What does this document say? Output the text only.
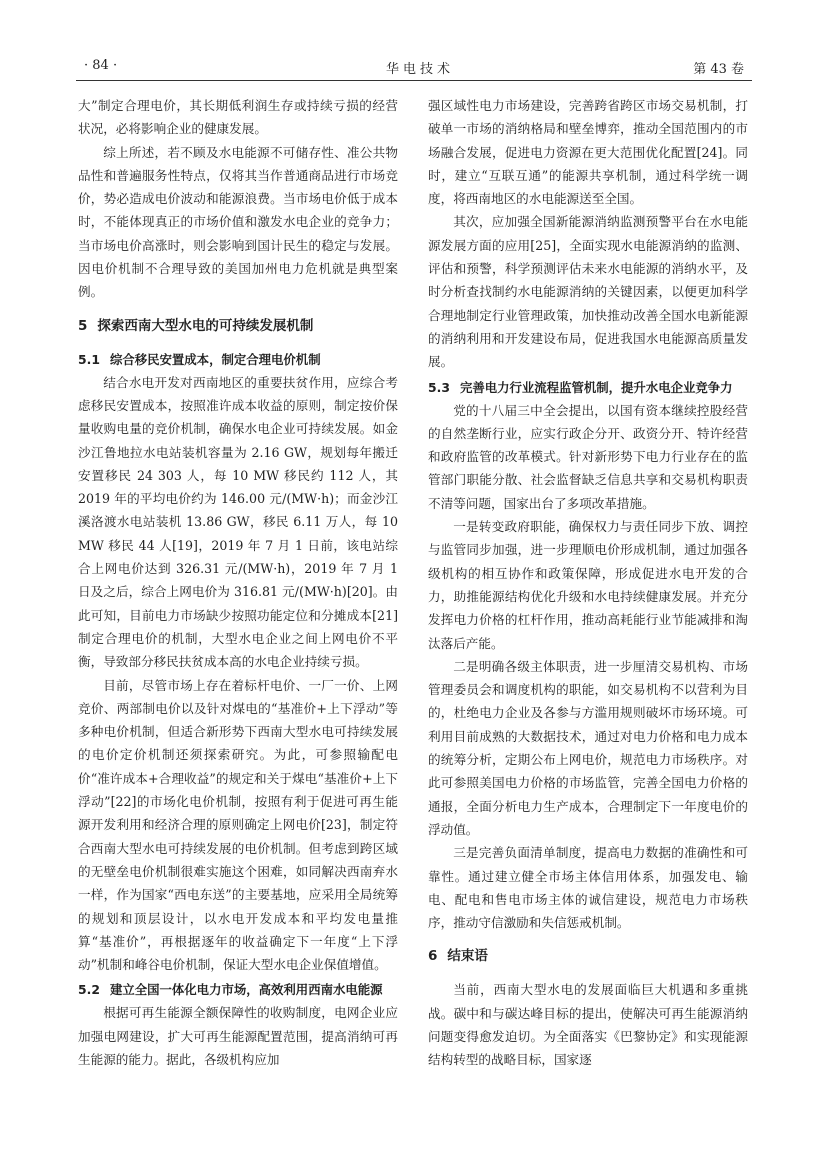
· 84 ·	华电技术	第 43 卷

大”制定合理电价，其长期低利润生存或持续亏损的经营状况，必将影响企业的健康发展。

综上所述，若不顾及水电能源不可储存性、准公共物品性和普遍服务性特点，仅将其当作普通商品进行市场竞价，势必造成电价波动和能源浪费。当市场电价低于成本时，不能体现真正的市场价值和激发水电企业的竞争力；当市场电价高涨时，则会影响到国计民生的稳定与发展。因电价机制不合理导致的美国加州电力危机就是典型案例。

5 探索西南大型水电的可持续发展机制
5.1 综合移民安置成本，制定合理电价机制

结合水电开发对西南地区的重要扶贫作用，应综合考虑移民安置成本，按照准许成本收益的原则，制定按价保量收购电量的竞价机制，确保水电企业可持续发展。如金沙江鲁地拉水电站装机容量为 2.16 GW，规划每年搬迁安置移民 24 303 人，每 10 MW 移民约 112 人，其 2019 年的平均电价约为 146.00 元/(MW·h)；而金沙江溪洛渡水电站装机 13.86 GW，移民 6.11 万人，每 10 MW 移民 44 人[19]，2019 年 7 月 1 日前，该电站综合上网电价达到 326.31 元/(MW·h)，2019 年 7 月 1 日及之后，综合上网电价为 316.81 元/(MW·h)[20]。由此可知，目前电力市场缺少按照功能定位和分摊成本[21]制定合理电价的机制，大型水电企业之间上网电价不平衡，导致部分移民扶贫成本高的水电企业持续亏损。

目前，尽管市场上存在着标杆电价、一厂一价、上网竞价、两部制电价以及针对煤电的“基准价+上下浮动”等多种电价机制，但适合新形势下西南大型水电可持续发展的电价定价机制还须探索研究。为此，可参照输配电价“准许成本+合理收益”的规定和关于煤电“基准价+上下浮动”[22]的市场化电价机制，按照有利于促进可再生能源开发利用和经济合理的原则确定上网电价[23]，制定符合西南大型水电可持续发展的电价机制。但考虑到跨区域的无壁垒电价机制很难实施这个困难，如同解决西南弃水一样，作为国家“西电东送”的主要基地，应采用全局统筹的规划和顶层设计，以水电开发成本和平均发电量推算“基准价”，再根据逐年的收益确定下一年度“上下浮动”机制和峰谷电价机制，保证大型水电企业保值增值。

5.2 建立全国一体化电力市场，高效利用西南水电能源

根据可再生能源全额保障性的收购制度，电网企业应加强电网建设，扩大可再生能源配置范围，提高消纳可再生能源的能力。据此，各级机构应加

强区域性电力市场建设，完善跨省跨区市场交易机制，打破单一市场的消纳格局和壁垒博弈，推动全国范围内的市场融合发展，促进电力资源在更大范围优化配置[24]。同时，建立“互联互通”的能源共享机制，通过科学统一调度，将西南地区的水电能源送至全国。

其次，应加强全国新能源消纳监测预警平台在水电能源发展方面的应用[25]，全面实现水电能源消纳的监测、评估和预警，科学预测评估未来水电能源的消纳水平，及时分析查找制约水电能源消纳的关键因素，以便更加科学合理地制定行业管理政策，加快推动改善全国水电新能源的消纳利用和开发建设布局，促进我国水电能源高质量发展。

5.3 完善电力行业流程监管机制，提升水电企业竞争力

党的十八届三中全会提出，以国有资本继续控股经营的自然垄断行业，应实行政企分开、政资分开、特许经营和政府监管的改革模式。针对新形势下电力行业存在的监管部门职能分散、社会监督缺乏信息共享和交易机构职责不清等问题，国家出台了多项改革措施。

一是转变政府职能，确保权力与责任同步下放、调控与监管同步加强，进一步理顺电价形成机制，通过加强各级机构的相互协作和政策保障，形成促进水电开发的合力，助推能源结构优化升级和水电持续健康发展。并充分发挥电力价格的杠杆作用，推动高耗能行业节能减排和淘汰落后产能。

二是明确各级主体职责，进一步厘清交易机构、市场管理委员会和调度机构的职能，如交易机构不以营利为目的，杜绝电力企业及各参与方滥用规则破坏市场环境。可利用目前成熟的大数据技术，通过对电力价格和电力成本的统筹分析，定期公布上网电价，规范电力市场秩序。对此可参照美国电力价格的市场监管，完善全国电力价格的通报，全面分析电力生产成本，合理制定下一年度电价的浮动值。

三是完善负面清单制度，提高电力数据的准确性和可靠性。通过建立健全市场主体信用体系，加强发电、输电、配电和售电市场主体的诚信建设，规范电力市场秩序，推动守信激励和失信惩戒机制。

6 结束语

当前，西南大型水电的发展面临巨大机遇和多重挑战。碳中和与碳达峰目标的提出，使解决可再生能源消纳问题变得愈发迫切。为全面落实《巴黎协定》和实现能源结构转型的战略目标，国家逐
